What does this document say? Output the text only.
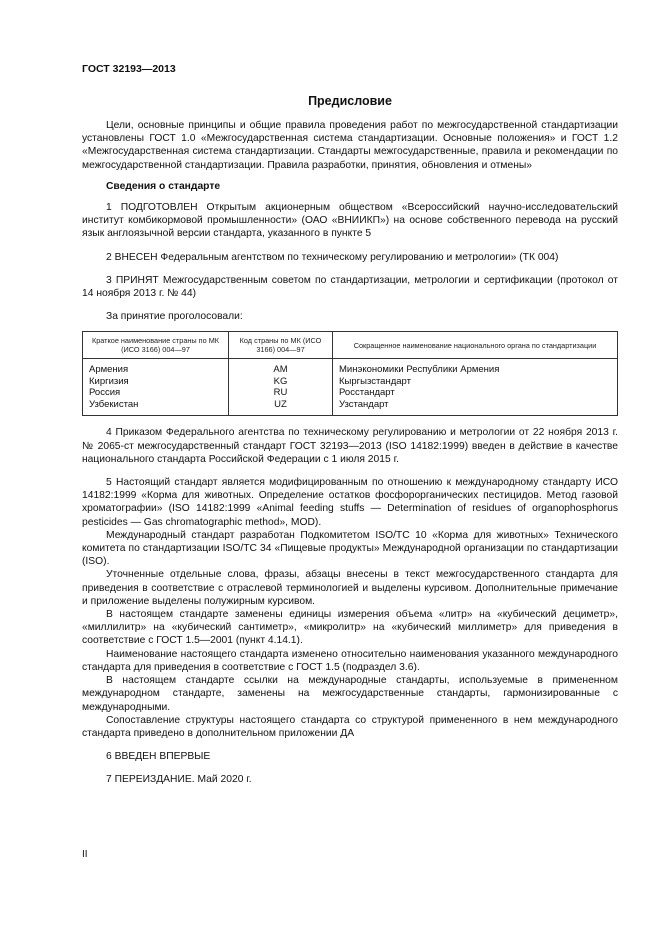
ГОСТ 32193—2013
Предисловие

Цели, основные принципы и общие правила проведения работ по межгосударственной стандартизации установлены ГОСТ 1.0 «Межгосударственная система стандартизации. Основные положения» и ГОСТ 1.2 «Межгосударственная система стандартизации. Стандарты межгосударственные, правила и рекомендации по межгосударственной стандартизации. Правила разработки, принятия, обновления и отмены»

Сведения о стандарте

1 ПОДГОТОВЛЕН Открытым акционерным обществом «Всероссийский научно-исследовательский институт комбикормовой промышленности» (ОАО «ВНИИКП») на основе собственного перевода на русский язык англоязычной версии стандарта, указанного в пункте 5

2 ВНЕСЕН Федеральным агентством по техническому регулированию и метрологии» (ТК 004)

3 ПРИНЯТ Межгосударственным советом по стандартизации, метрологии и сертификации (протокол от 14 ноября 2013 г. № 44)

За принятие проголосовали:

Краткое наименование страны по МК (ИСО 3166) 004—97	Код страны по МК (ИСО 3166) 004—97	Сокращенное наименование национального органа по стандартизации
Армения	AM	Минэкономики Республики Армения
Киргизия	KG	Кыргызстандарт
Россия	RU	Росстандарт
Узбекистан	UZ	Узстандарт

4 Приказом Федерального агентства по техническому регулированию и метрологии от 22 ноября 2013 г. № 2065-ст межгосударственный стандарт ГОСТ 32193—2013 (ISO 14182:1999) введен в действие в качестве национального стандарта Российской Федерации с 1 июля 2015 г.

5 Настоящий стандарт является модифицированным по отношению к международному стандарту ИСО 14182:1999 «Корма для животных. Определение остатков фосфорорганических пестицидов. Метод газовой хроматографии» (ISO 14182:1999 «Animal feeding stuffs — Determination of residues of organophosphorus pesticides — Gas chromatographic method», MOD).

Международный стандарт разработан Подкомитетом ISO/TC 10 «Корма для животных» Технического комитета по стандартизации ISO/TC 34 «Пищевые продукты» Международной организации по стандартизации (ISO).

Уточненные отдельные слова, фразы, абзацы внесены в текст межгосударственного стандарта для приведения в соответствие с отраслевой терминологией и выделены курсивом. Дополнительные примечание и приложение выделены полужирным курсивом.

В настоящем стандарте заменены единицы измерения объема «литр» на «кубический дециметр», «миллилитр» на «кубический сантиметр», «микролитр» на «кубический миллиметр» для приведения в соответствие с ГОСТ 1.5—2001 (пункт 4.14.1).

Наименование настоящего стандарта изменено относительно наименования указанного международного стандарта для приведения в соответствие с ГОСТ 1.5 (подраздел 3.6).

В настоящем стандарте ссылки на международные стандарты, используемые в примененном международном стандарте, заменены на межгосударственные стандарты, гармонизированные с международными.

Сопоставление структуры настоящего стандарта со структурой примененного в нем международного стандарта приведено в дополнительном приложении ДА

6 ВВЕДЕН ВПЕРВЫЕ

7 ПЕРЕИЗДАНИЕ. Май 2020 г.

II
